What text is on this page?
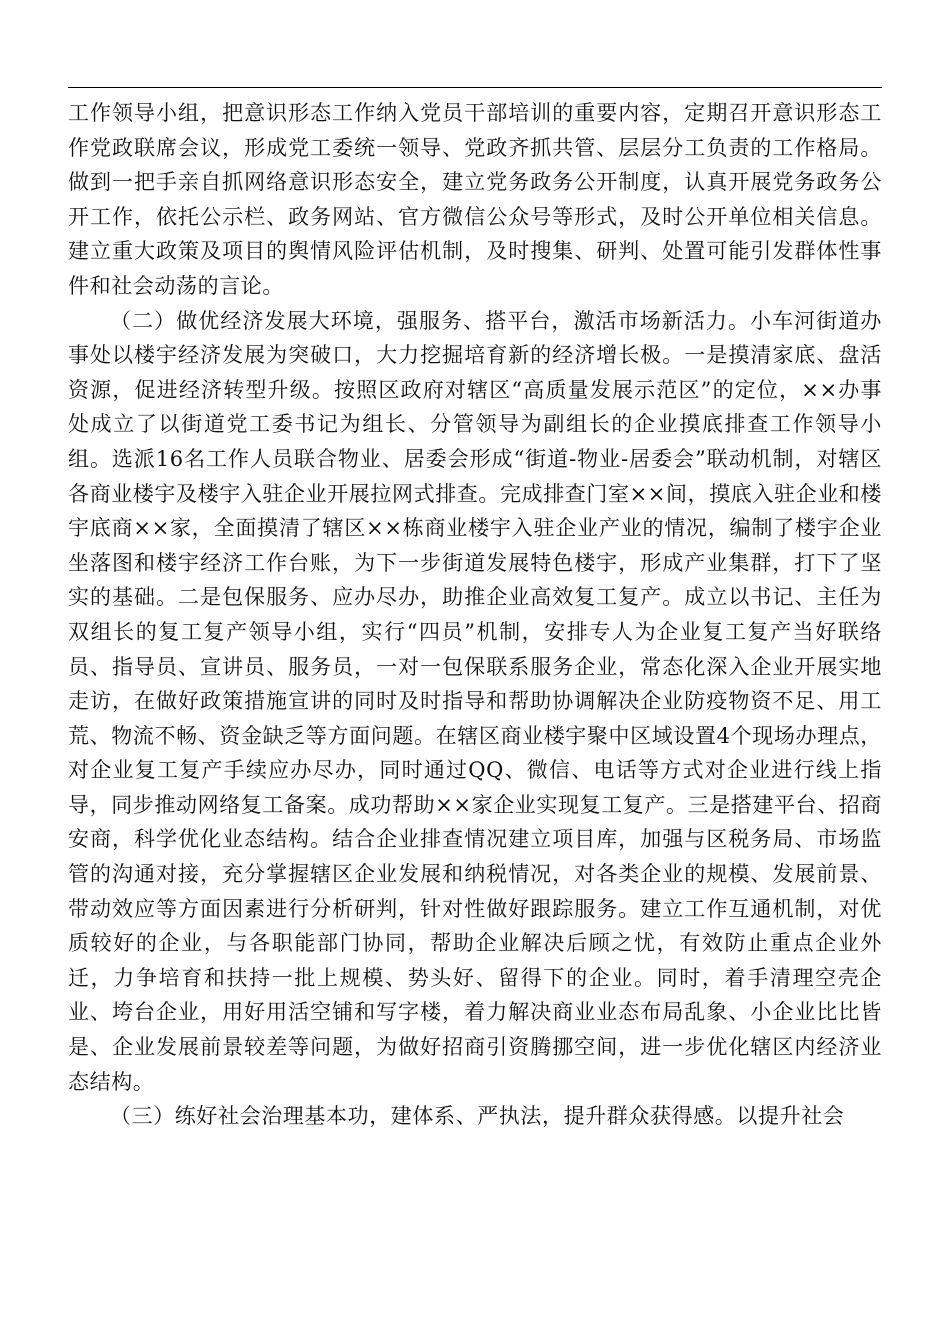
工作领导小组，把意识形态工作纳入党员干部培训的重要内容，定期召开意识形态工作党政联席会议，形成党工委统一领导、党政齐抓共管、层层分工负责的工作格局。做到一把手亲自抓网络意识形态安全，建立党务政务公开制度，认真开展党务政务公开工作，依托公示栏、政务网站、官方微信公众号等形式，及时公开单位相关信息。建立重大政策及项目的舆情风险评估机制，及时搜集、研判、处置可能引发群体性事件和社会动荡的言论。

（二）做优经济发展大环境，强服务、搭平台，激活市场新活力。小车河街道办事处以楼宇经济发展为突破口，大力挖掘培育新的经济增长极。一是摸清家底、盘活资源，促进经济转型升级。按照区政府对辖区“高质量发展示范区”的定位，××办事处成立了以街道党工委书记为组长、分管领导为副组长的企业摸底排查工作领导小组。选派16名工作人员联合物业、居委会形成“街道-物业-居委会”联动机制，对辖区各商业楼宇及楼宇入驻企业开展拉网式排查。完成排查门室××间，摸底入驻企业和楼宇底商××家，全面摸清了辖区××栋商业楼宇入驻企业产业的情况，编制了楼宇企业坐落图和楼宇经济工作台账，为下一步街道发展特色楼宇，形成产业集群，打下了坚实的基础。二是包保服务、应办尽办，助推企业高效复工复产。成立以书记、主任为双组长的复工复产领导小组，实行“四员”机制，安排专人为企业复工复产当好联络员、指导员、宣讲员、服务员，一对一包保联系服务企业，常态化深入企业开展实地走访，在做好政策措施宣讲的同时及时指导和帮助协调解决企业防疫物资不足、用工荒、物流不畅、资金缺乏等方面问题。在辖区商业楼宇聚中区域设置4个现场办理点，对企业复工复产手续应办尽办，同时通过QQ、微信、电话等方式对企业进行线上指导，同步推动网络复工备案。成功帮助××家企业实现复工复产。三是搭建平台、招商安商，科学优化业态结构。结合企业排查情况建立项目库，加强与区税务局、市场监管的沟通对接，充分掌握辖区企业发展和纳税情况，对各类企业的规模、发展前景、带动效应等方面因素进行分析研判，针对性做好跟踪服务。建立工作互通机制，对优质较好的企业，与各职能部门协同，帮助企业解决后顾之忧，有效防止重点企业外迁，力争培育和扶持一批上规模、势头好、留得下的企业。同时，着手清理空壳企业、垮台企业，用好用活空铺和写字楼，着力解决商业业态布局乱象、小企业比比皆是、企业发展前景较差等问题，为做好招商引资腾挪空间，进一步优化辖区内经济业态结构。

（三）练好社会治理基本功，建体系、严执法，提升群众获得感。以提升社会
